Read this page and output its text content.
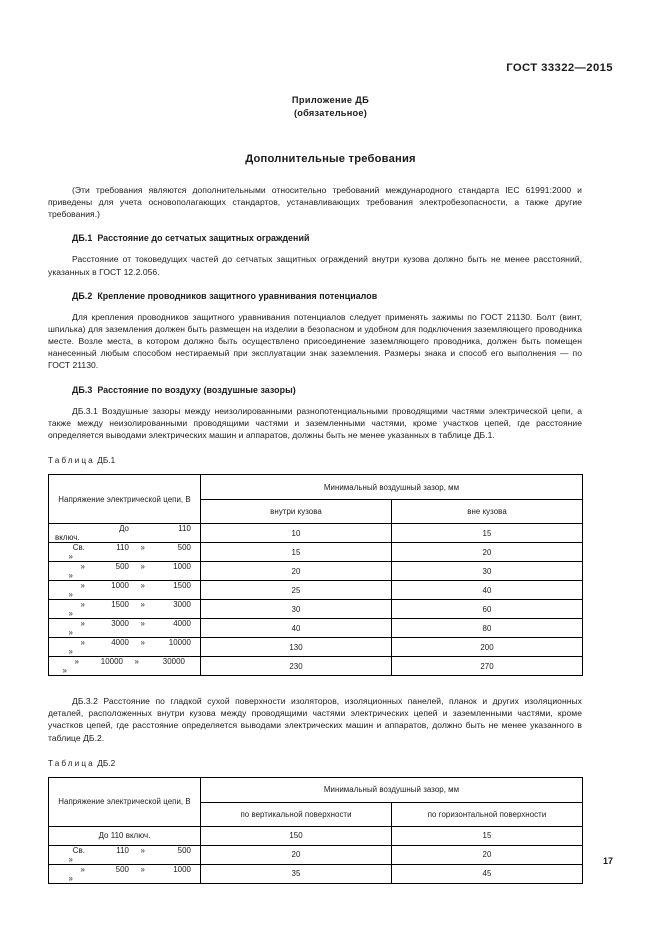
ГОСТ 33322—2015
Приложение ДБ
(обязательное)
Дополнительные требования

(Эти требования являются дополнительными относительно требований международного стандарта IEC 61991:2000 и приведены для учета основополагающих стандартов, устанавливающих требования электробезопасности, а также другие требования.)

ДБ.1 Расстояние до сетчатых защитных ограждений

Расстояние от токоведущих частей до сетчатых защитных ограждений внутри кузова должно быть не менее расстояний, указанных в ГОСТ 12.2.056.

ДБ.2 Крепление проводников защитного уравнивания потенциалов

Для крепления проводников защитного уравнивания потенциалов следует применять зажимы по ГОСТ 21130. Болт (винт, шпилька) для заземления должен быть размещен на изделии в безопасном и удобном для подключения заземляющего проводника месте. Возле места, в котором должно быть осуществлено присоединение заземляющего проводника, должен быть помещен нанесенный любым способом нестираемый при эксплуатации знак заземления. Размеры знака и способ его выполнения — по ГОСТ 21130.

ДБ.3 Расстояние по воздуху (воздушные зазоры)

ДБ.3.1 Воздушные зазоры между неизолированными разнопотенциальными проводящими частями электрической цепи, а также между неизолированными проводящими частями и заземленными частями, кроме участков цепей, где расстояние определяется выводами электрических машин и аппаратов, должны быть не менее указанных в таблице ДБ.1.

Таблица ДБ.1

Напряжение электрической цепи, В	Минимальный воздушный зазор, мм	
	внутри кузова	вне кузова

До 110включ.	10	15

Св. 110 » 500»	15	20

» 500 » 1000»	20	30

» 1000 » 1500»	25	40

» 1500 » 3000»	30	60

» 3000 » 4000»	40	80

» 4000 » 10000»	130	200

» 10000 » 30000»	230	270

ДБ.3.2 Расстояние по гладкой сухой поверхности изоляторов, изоляционных панелей, планок и других изоляционных деталей, расположенных внутри кузова между проводящими частями электрических цепей и заземленными частями, кроме участков цепей, где расстояние определяется выводами электрических машин и аппаратов, должно быть не менее указанного в таблице ДБ.2.

Таблица ДБ.2

Напряжение электрической цепи, В	Минимальный воздушный зазор, мм	
	по вертикальной поверхности	по горизонтальной поверхности
До 110 включ.	150	15

Св. 110 » 500»	20	20

» 500 » 1000»	35	45
17
